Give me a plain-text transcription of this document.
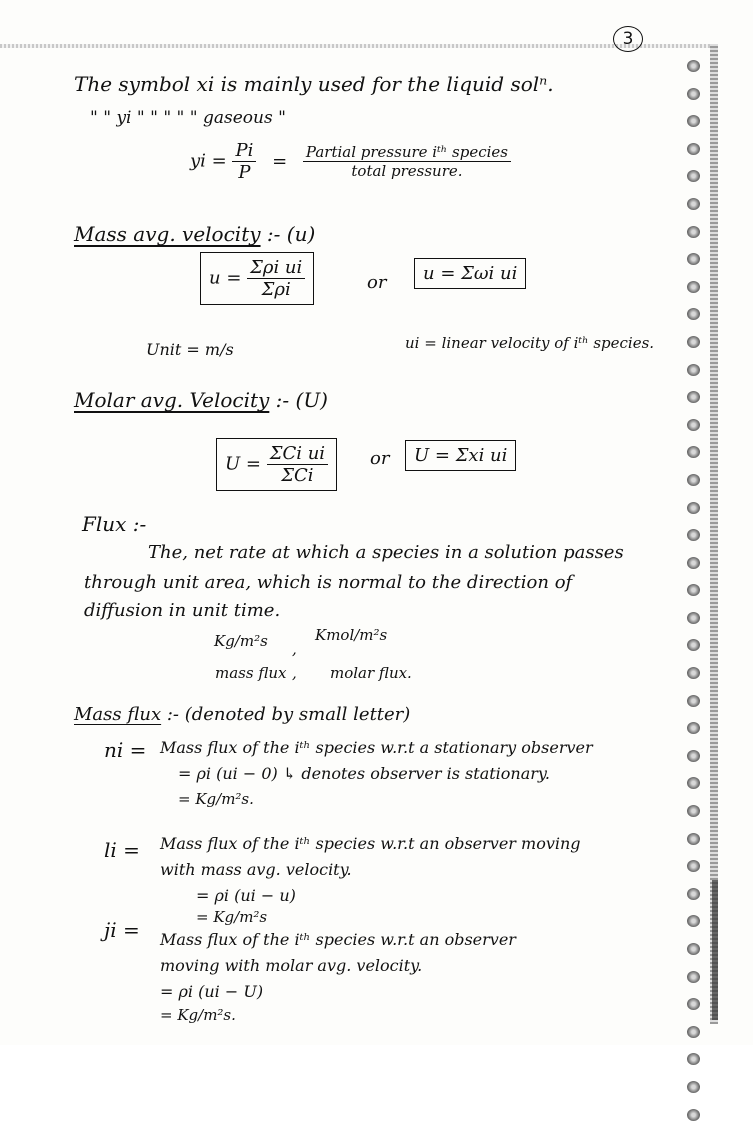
3
The symbol xi is mainly used for the liquid solⁿ.
" " yi " " " " " gaseous "
yi = $\frac{Pi}{P} = \frac{\text{Partial pressure iᵗʰ species}}{\text{total pressure.}}$
Mass avg. velocity :- (u)
$u = \frac{\text{Σρi ui}}{\text{Σρi}}$	or	u = Σωi ui
Unit = m/s	ui = linear velocity of iᵗʰ species.
Molar avg. Velocity :- (U)
$U = \frac{\text{ΣCi ui}}{\text{ΣCi}}$ or	U = Σxi ui
Flux :-
The, net rate at which a species in a solution passes
through unit area, which is normal to the direction of
diffusion in unit time.
Kg/m²s ,
Kmol/m²s
mass flux , molar flux.
Mass flux :- (denoted by small letter)
ni = Mass flux of the iᵗʰ species w.r.t a stationary observer
= ρi (ui − 0) ↳ denotes observer is stationary.
= Kg/m²s.
li = Mass flux of the iᵗʰ species w.r.t an observer moving
with mass avg. velocity.
= ρi (ui − u)
= Kg/m²s
ji = Mass flux of the iᵗʰ species w.r.t an observer
moving with molar avg. velocity.
= ρi (ui − U)
= Kg/m²s.
